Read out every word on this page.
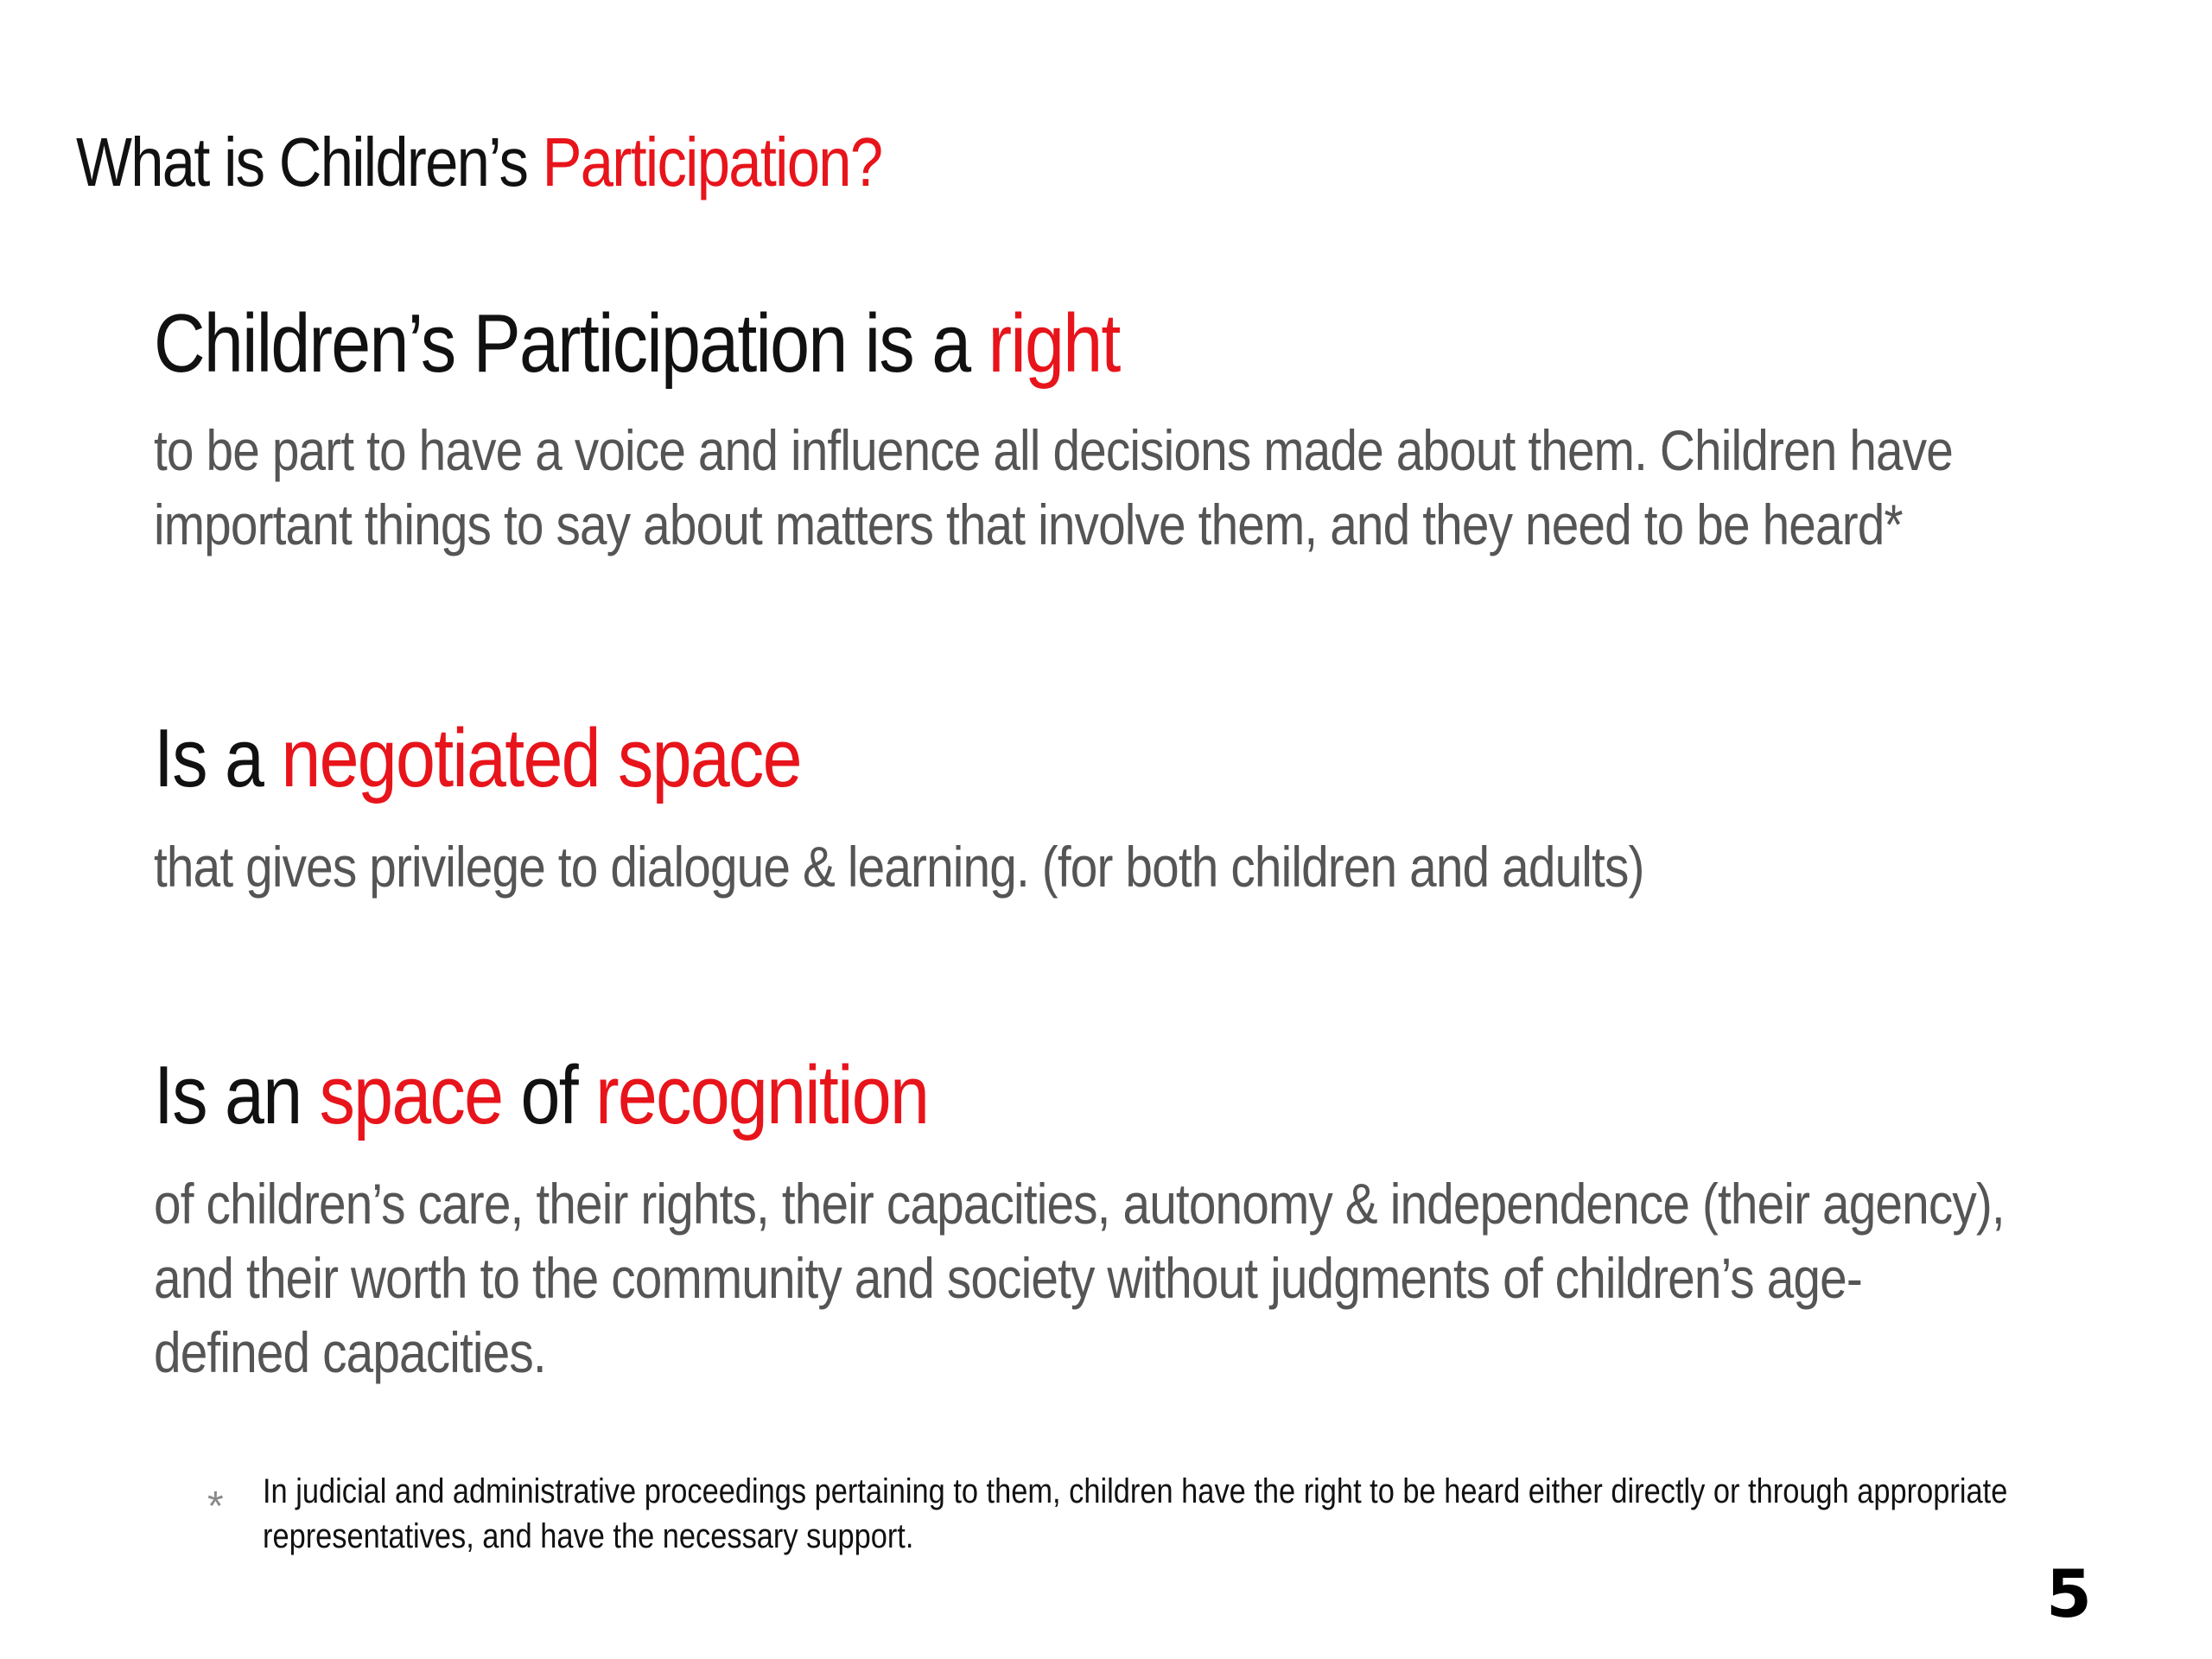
What is Children’s Participation?
Children’s Participation is a right
to be part to have a voice and influence all decisions made about them. Children have
important things to say about matters that involve them, and they need to be heard*
Is a negotiated space
that gives privilege to dialogue & learning. (for both children and adults)
Is an space of recognition
of children’s care, their rights, their capacities, autonomy & independence (their agency),
and their worth to the community and society without judgments of children’s age-
defined capacities.
* In judicial and administrative proceedings pertaining to them, children have the right to be heard either directly or through appropriate
representatives, and have the necessary support.
5
